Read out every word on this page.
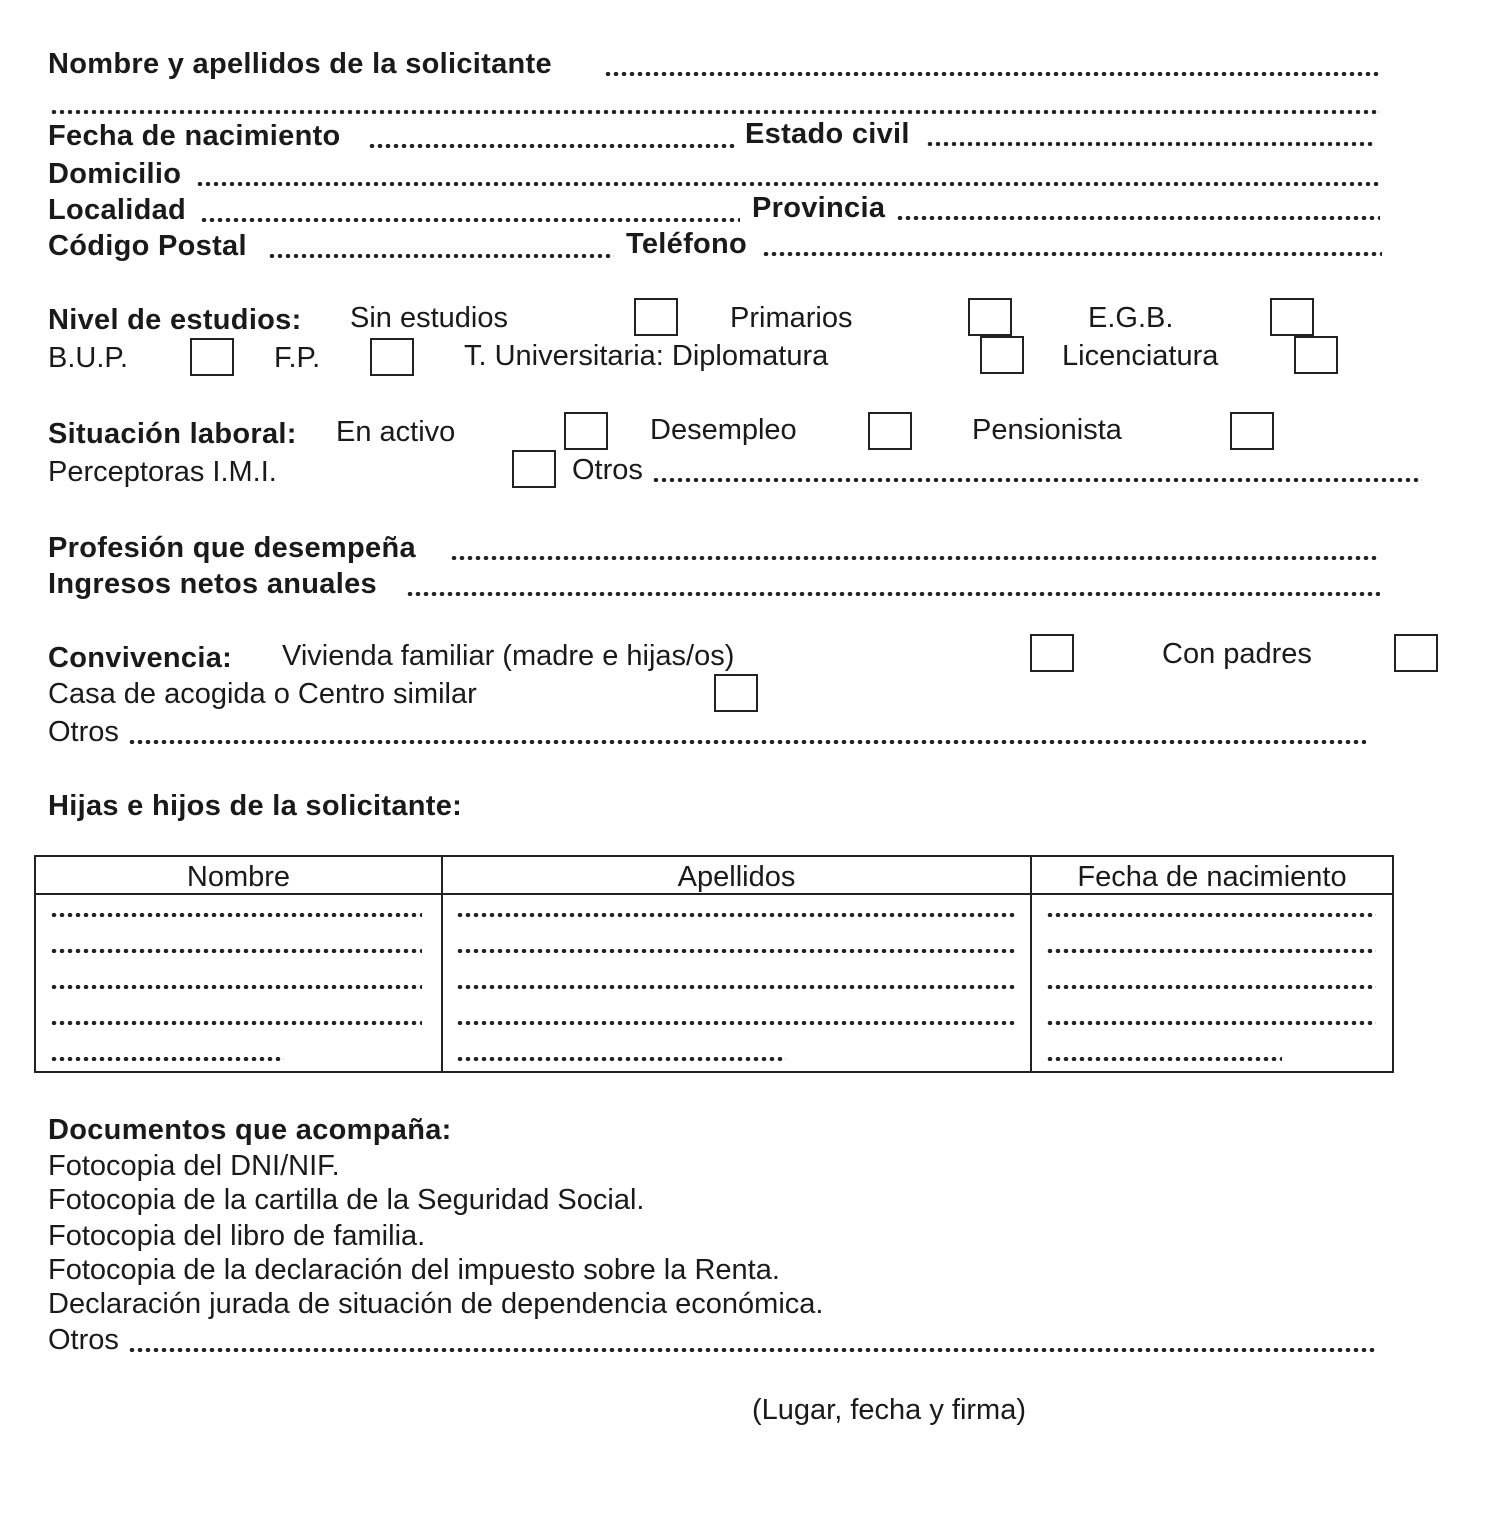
Nombre y apellidos de la solicitante
Fecha de nacimiento	Estado civil
Domicilio
Localidad	Provincia
Código Postal	Teléfono
Nivel de estudios: Sin estudios	Primarios	E.G.B.
B.U.P.	F.P.	T. Universitaria: Diplomatura	Licenciatura
Situación laboral: En activo	Desempleo	Pensionista
Perceptoras I.M.I.	Otros
Profesión que desempeña
Ingresos netos anuales
Convivencia: Vivienda familiar (madre e hijas/os)	Con padres
Casa de acogida o Centro similar
Otros
Hijas e hijos de la solicitante:
Nombre	Apellidos	Fecha de nacimiento
Documentos que acompaña:
Fotocopia del DNI/NIF.
Fotocopia de la cartilla de la Seguridad Social.
Fotocopia del libro de familia.
Fotocopia de la declaración del impuesto sobre la Renta.
Declaración jurada de situación de dependencia económica.
Otros
(Lugar, fecha y firma)
